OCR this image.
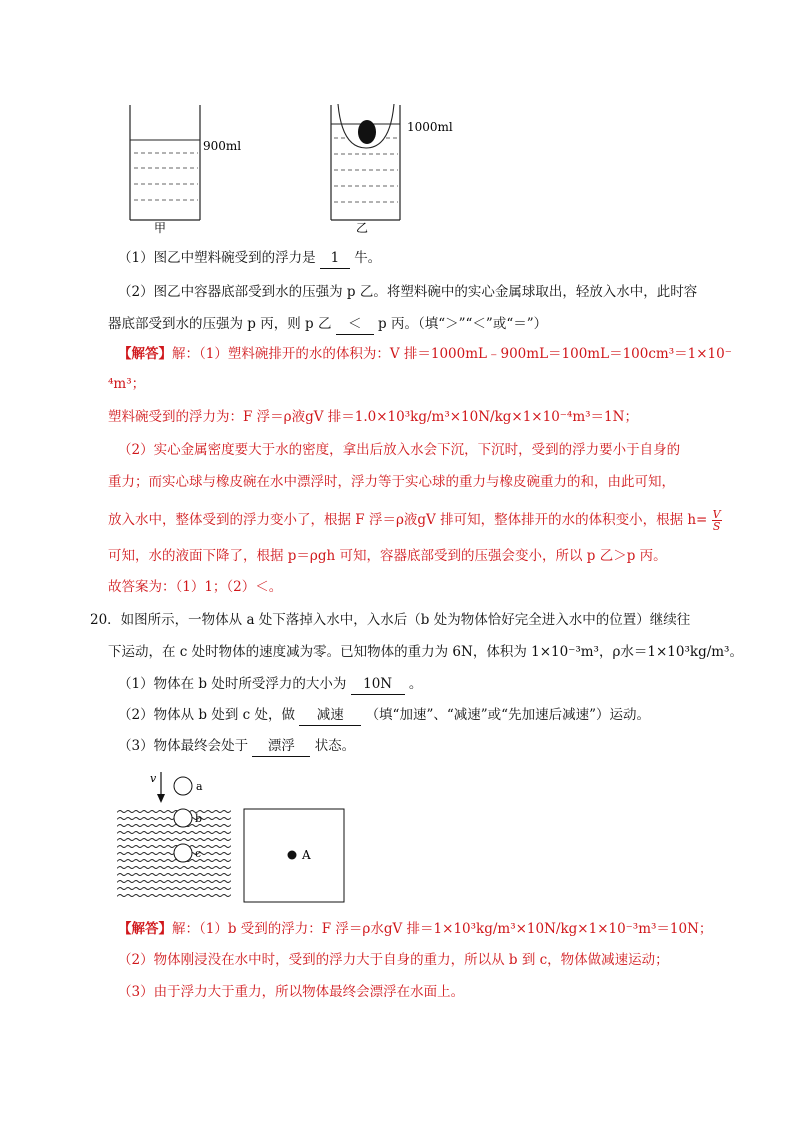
900ml
甲
1000ml
乙
（1）图乙中塑料碗受到的浮力是 1 牛。
（2）图乙中容器底部受到水的压强为 p 乙。将塑料碗中的实心金属球取出，轻放入水中，此时容
器底部受到水的压强为 p 丙，则 p 乙 ＜ p 丙。（填“＞”“＜”或“＝”）
【解答】解：（1）塑料碗排开的水的体积为：V 排＝1000mL﹣900mL＝100mL＝100cm³＝1×10⁻
⁴m³；
塑料碗受到的浮力为：F 浮＝ρ液gV 排＝1.0×10³kg/m³×10N/kg×1×10⁻⁴m³＝1N；
（2）实心金属密度要大于水的密度，拿出后放入水会下沉，下沉时，受到的浮力要小于自身的
重力；而实心球与橡皮碗在水中漂浮时，浮力等于实心球的重力与橡皮碗重力的和，由此可知，
放入水中，整体受到的浮力变小了，根据 F 浮＝ρ液gV 排可知，整体排开的水的体积变小，根据 $h= \frac{V}{S}$
可知，水的液面下降了，根据 p＝ρgh 可知，容器底部受到的压强会变小，所以 p 乙＞p 丙。
故答案为：（1）1；（2）＜。
20．如图所示，一物体从 a 处下落掉入水中，入水后（b 处为物体恰好完全进入水中的位置）继续往
下运动，在 c 处时物体的速度减为零。已知物体的重力为 6N，体积为 1×10⁻³m³，ρ水＝1×10³kg/m³。
（1）物体在 b 处时所受浮力的大小为 10N 。
（2）物体从 b 处到 c 处，做 减速 （填“加速”、“减速”或“先加速后减速”）运动。
（3）物体最终会处于 漂浮 状态。
v
a
b
c	A
【解答】解：（1）b 受到的浮力：F 浮＝ρ水gV 排＝1×10³kg/m³×10N/kg×1×10⁻³m³＝10N；
（2）物体刚浸没在水中时，受到的浮力大于自身的重力，所以从 b 到 c，物体做减速运动；
（3）由于浮力大于重力，所以物体最终会漂浮在水面上。
